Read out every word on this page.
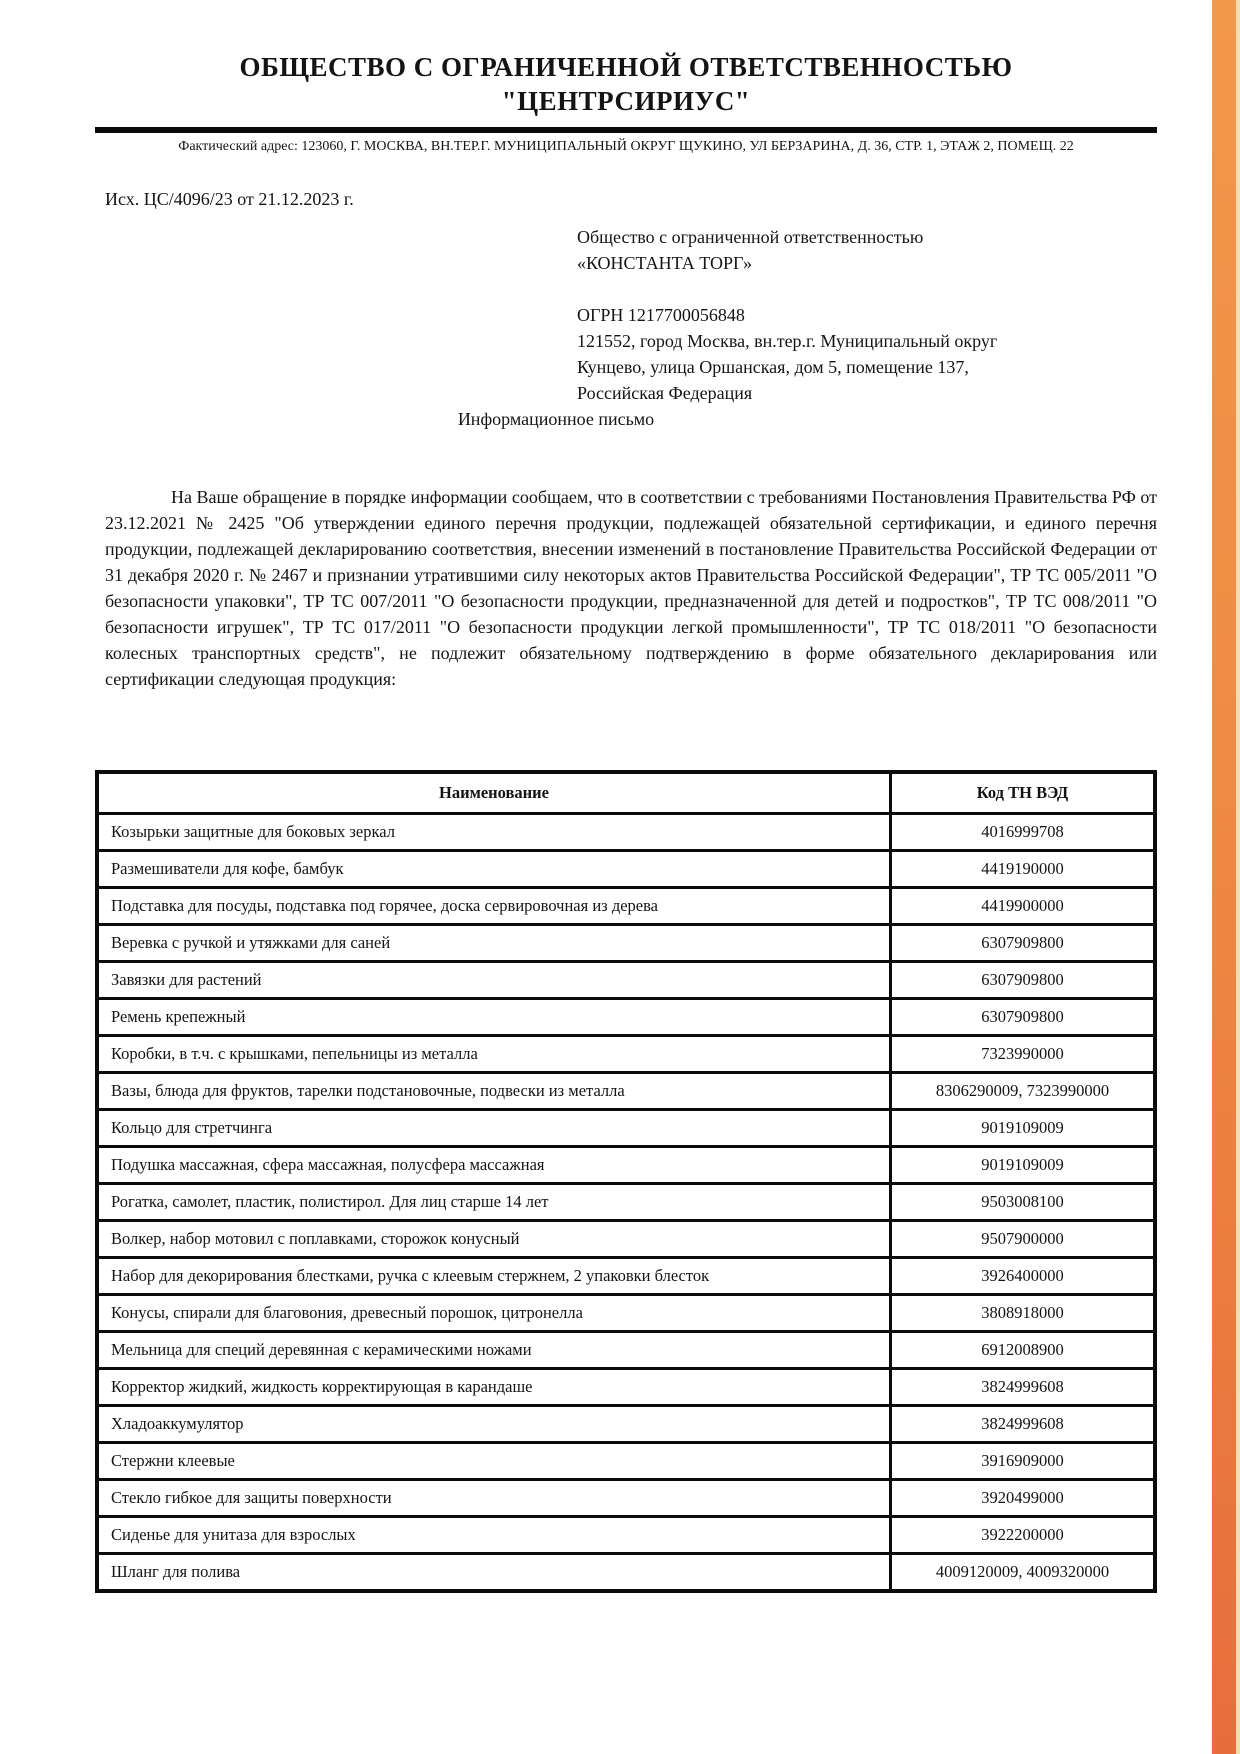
ОБЩЕСТВО С ОГРАНИЧЕННОЙ ОТВЕТСТВЕННОСТЬЮ
"ЦЕНТРСИРИУС"
Фактический адрес: 123060, Г. МОСКВА, ВН.ТЕР.Г. МУНИЦИПАЛЬНЫЙ ОКРУГ ЩУКИНО, УЛ БЕРЗАРИНА, Д. 36, СТР. 1, ЭТАЖ 2, ПОМЕЩ. 22
Исх. ЦС/4096/23 от 21.12.2023 г.
Общество с ограниченной ответственностью
«КОНСТАНТА ТОРГ»
ОГРН 1217700056848
121552, город Москва, вн.тер.г. Муниципальный округ
Кунцево, улица Оршанская, дом 5, помещение 137,
Российская Федерация
Информационное письмо

На Ваше обращение в порядке информации сообщаем, что в соответствии с требованиями Постановления Правительства РФ от 23.12.2021 № 2425 "Об утверждении единого перечня продукции, подлежащей обязательной сертификации, и единого перечня продукции, подлежащей декларированию соответствия, внесении изменений в постановление Правительства Российской Федерации от 31 декабря 2020 г. № 2467 и признании утратившими силу некоторых актов Правительства Российской Федерации", ТР ТС 005/2011 "О безопасности упаковки", ТР ТС 007/2011 "О безопасности продукции, предназначенной для детей и подростков", ТР ТС 008/2011 "О безопасности игрушек", ТР ТС 017/2011 "О безопасности продукции легкой промышленности", ТР ТС 018/2011 "О безопасности колесных транспортных средств", не подлежит обязательному подтверждению в форме обязательного декларирования или сертификации следующая продукция:

Наименование	Код ТН ВЭД
Козырьки защитные для боковых зеркал	4016999708
Размешиватели для кофе, бамбук	4419190000
Подставка для посуды, подставка под горячее, доска сервировочная из дерева	4419900000
Веревка с ручкой и утяжками для саней	6307909800
Завязки для растений	6307909800
Ремень крепежный	6307909800
Коробки, в т.ч. с крышками, пепельницы из металла	7323990000
Вазы, блюда для фруктов, тарелки подстановочные, подвески из металла	8306290009, 7323990000
Кольцо для стретчинга	9019109009
Подушка массажная, сфера массажная, полусфера массажная	9019109009
Рогатка, самолет, пластик, полистирол. Для лиц старше 14 лет	9503008100
Волкер, набор мотовил с поплавками, сторожок конусный	9507900000
Набор для декорирования блестками, ручка с клеевым стержнем, 2 упаковки блесток	3926400000
Конусы, спирали для благовония, древесный порошок, цитронелла	3808918000
Мельница для специй деревянная с керамическими ножами	6912008900
Корректор жидкий, жидкость корректирующая в карандаше	3824999608
Хладоаккумулятор	3824999608
Стержни клеевые	3916909000
Стекло гибкое для защиты поверхности	3920499000
Сиденье для унитаза для взрослых	3922200000
Шланг для полива	4009120009, 4009320000
